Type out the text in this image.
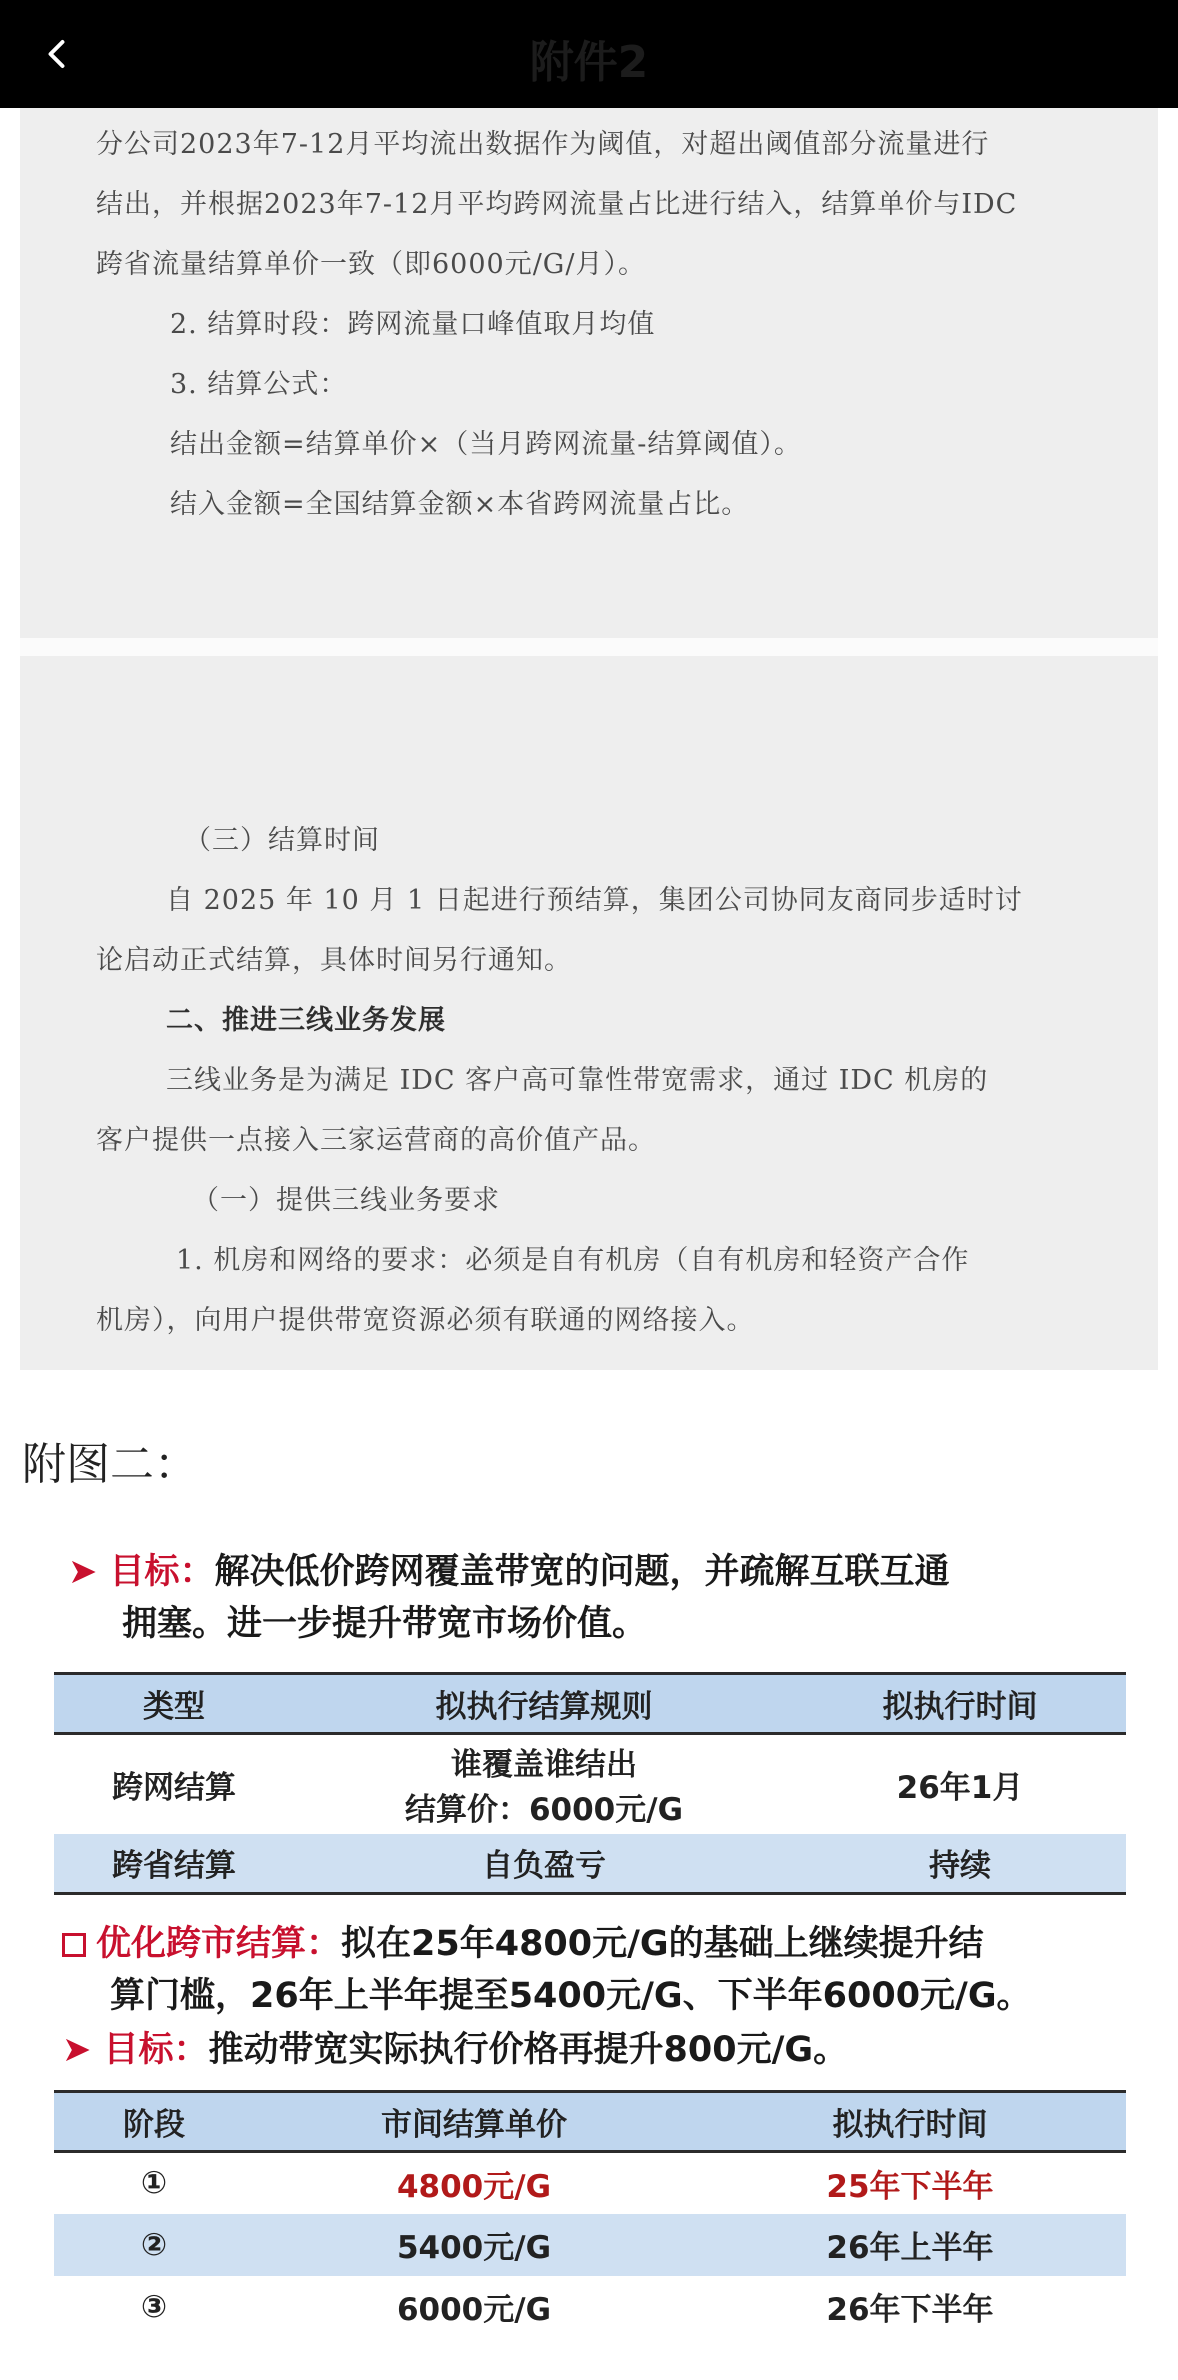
附件2
分公司2023年7-12月平均流出数据作为阈值，对超出阈值部分流量进行
结出，并根据2023年7-12月平均跨网流量占比进行结入，结算单价与IDC
跨省流量结算单价一致（即6000元/G/月）。
2. 结算时段：跨网流量口峰值取月均值
3. 结算公式：
结出金额=结算单价×（当月跨网流量-结算阈值）。
结入金额=全国结算金额×本省跨网流量占比。
（三）结算时间
自 2025 年 10 月 1 日起进行预结算，集团公司协同友商同步适时讨
论启动正式结算，具体时间另行通知。
二、推进三线业务发展
三线业务是为满足 IDC 客户高可靠性带宽需求，通过 IDC 机房的
客户提供一点接入三家运营商的高价值产品。
（一）提供三线业务要求
1. 机房和网络的要求：必须是自有机房（自有机房和轻资产合作
机房），向用户提供带宽资源必须有联通的网络接入。
附图二：
➤ 目标：解决低价跨网覆盖带宽的问题，并疏解互联互通
拥塞。进一步提升带宽市场价值。
类型	拟执行结算规则	拟执行时间
跨网结算	谁覆盖谁结出
结算价：6000元/G	26年1月
跨省结算	自负盈亏	持续
优化跨市结算：拟在25年4800元/G的基础上继续提升结
算门槛，26年上半年提至5400元/G、下半年6000元/G。
➤ 目标：推动带宽实际执行价格再提升800元/G。
阶段	市间结算单价	拟执行时间
①	4800元/G	25年下半年
②	5400元/G	26年上半年
③	6000元/G	26年下半年
